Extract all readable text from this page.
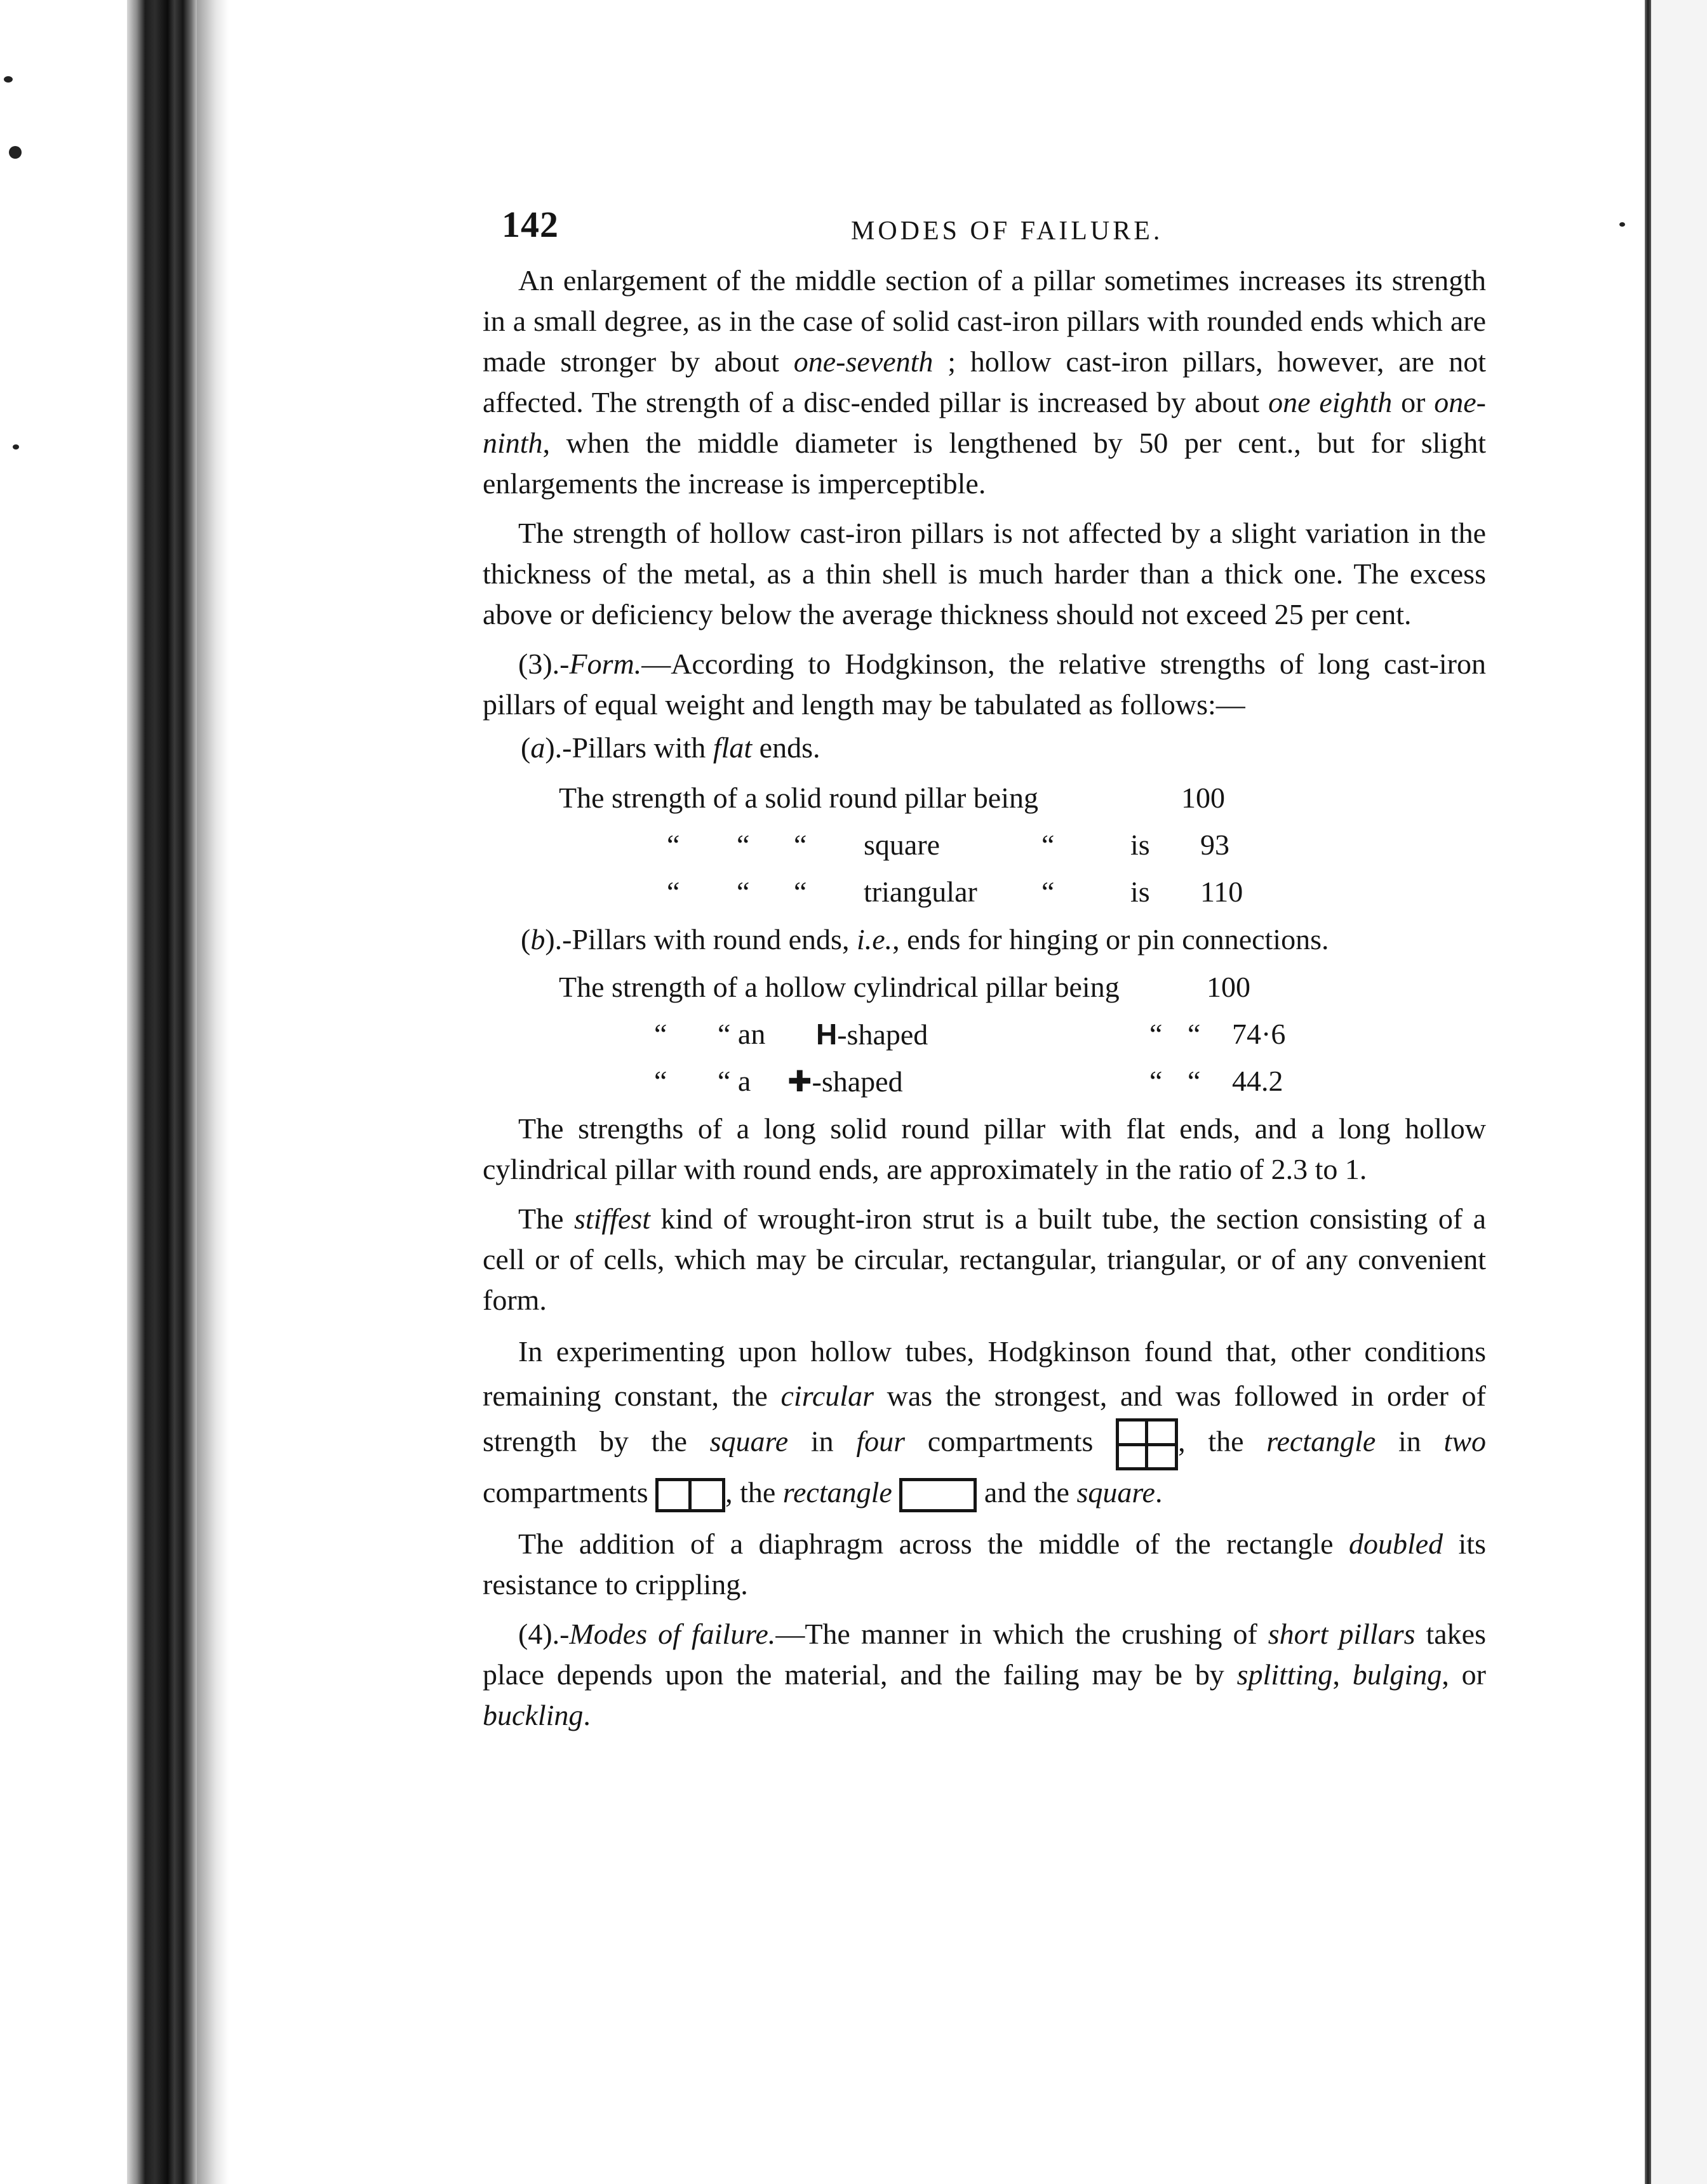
142	MODES OF FAILURE.

An enlargement of the middle section of a pillar sometimes increases its strength in a small degree, as in the case of solid cast-iron pillars with rounded ends which are made stronger by about one-seventh ; hollow cast-iron pillars, however, are not affected. The strength of a disc-ended pillar is increased by about one eighth or one-ninth, when the middle diameter is lengthened by 50 per cent., but for slight enlargements the increase is imperceptible.

The strength of hollow cast-iron pillars is not affected by a slight variation in the thickness of the metal, as a thin shell is much harder than a thick one. The excess above or deficiency below the average thickness should not exceed 25 per cent.

(3).-Form.—According to Hodgkinson, the relative strengths of long cast-iron pillars of equal weight and length may be tabulated as follows:—

(a).-Pillars with flat ends.

The strength of a solid round pillar being	100
“ “ “ square	“	is 93
“ “ “ triangular “	is 110

(b).-Pillars with round ends, i.e., ends for hinging or pin connections.

The strength of a hollow cylindrical pillar being	100
“ “ an H-shaped	“ “ 74·6
“ “ a ✚-shaped	“ “ 44.2

The strengths of a long solid round pillar with flat ends, and a long hollow cylindrical pillar with round ends, are approximately in the ratio of 2.3 to 1.

The stiffest kind of wrought-iron strut is a built tube, the section consisting of a cell or of cells, which may be circular, rectangular, triangular, or of any convenient form.

In experimenting upon hollow tubes, Hodgkinson found that, other conditions remaining constant, the circular was the strongest, and was followed in order of strength by the square in four compartments , the rectangle in two compartments , the rectangle	and the square.

The addition of a diaphragm across the middle of the rectangle doubled its resistance to crippling.

(4).-Modes of failure.—The manner in which the crushing of short pillars takes place depends upon the material, and the failing may be by splitting, bulging, or buckling.
